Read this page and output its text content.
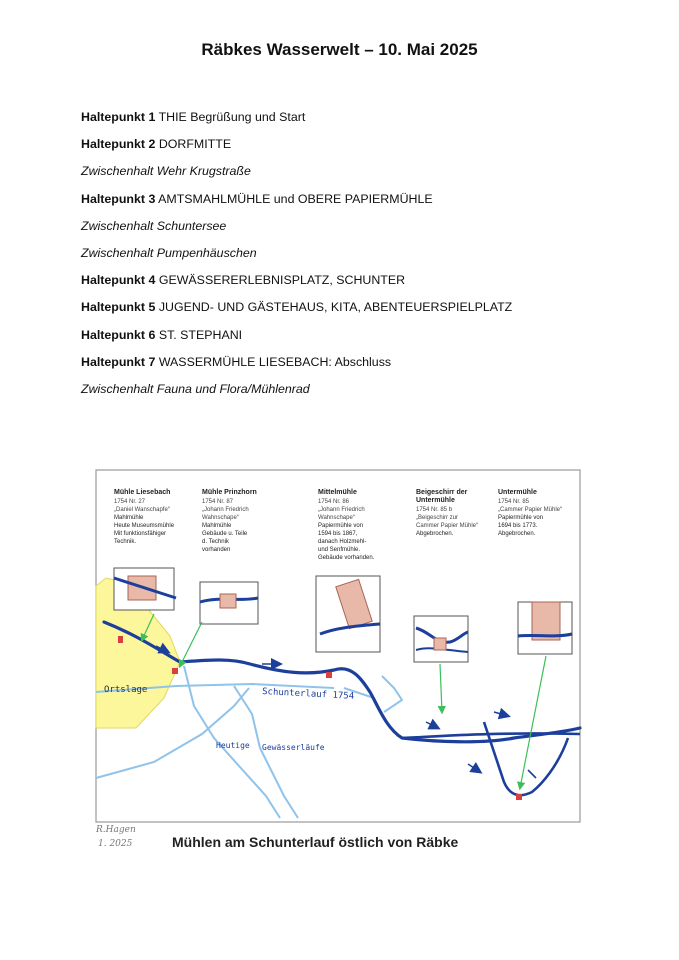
Räbkes Wasserwelt – 10. Mai 2025
Haltepunkt 1 THIE Begrüßung und Start
Haltepunkt 2 DORFMITTE
Zwischenhalt Wehr Krugstraße
Haltepunkt 3 AMTSMAHLMÜHLE und OBERE PAPIERMÜHLE
Zwischenhalt Schuntersee
Zwischenhalt Pumpenhäuschen
Haltepunkt 4 GEWÄSSERERLEBNISPLATZ, SCHUNTER
Haltepunkt 5 JUGEND- UND GÄSTEHAUS, KITA, ABENTEUERSPIELPLATZ
Haltepunkt 6 ST. STEPHANI
Haltepunkt 7 WASSERMÜHLE LIESEBACH: Abschluss
Zwischenhalt Fauna und Flora/Mühlenrad
Mühle Liesebach
1754 Nr. 27
„Daniel Wanschapfe“
Mahlmühle
Heute Museumsmühle
Mit funktionsfähiger
Technik.
Mühle Prinzhorn
1754 Nr. 87
„Johann Friedrich
Wahnschape“
Mahlmühle
Gebäude u. Teile
d. Technik
vorhanden
Mittelmühle
1754 Nr. 86
„Johann Friedrich
Wahnschape“
Papiermühle von
1594 bis 1867,
danach Holzmehl-
und Senfmühle.
Gebäude vorhanden.
Beigeschirr der
Untermühle
1754 Nr. 85 b
„Beigeschirr zur
Cammer Papier Mühle“
Abgebrochen.
Untermühle
1754 Nr. 85
„Cammer Papier Mühle“
Papiermühle von
1694 bis 1773.
Abgebrochen.
Ortslage	Schunterlauf 1754
Heutige Gewässerläufe
R.Hagen
1. 2025	Mühlen am Schunterlauf östlich von Räbke
